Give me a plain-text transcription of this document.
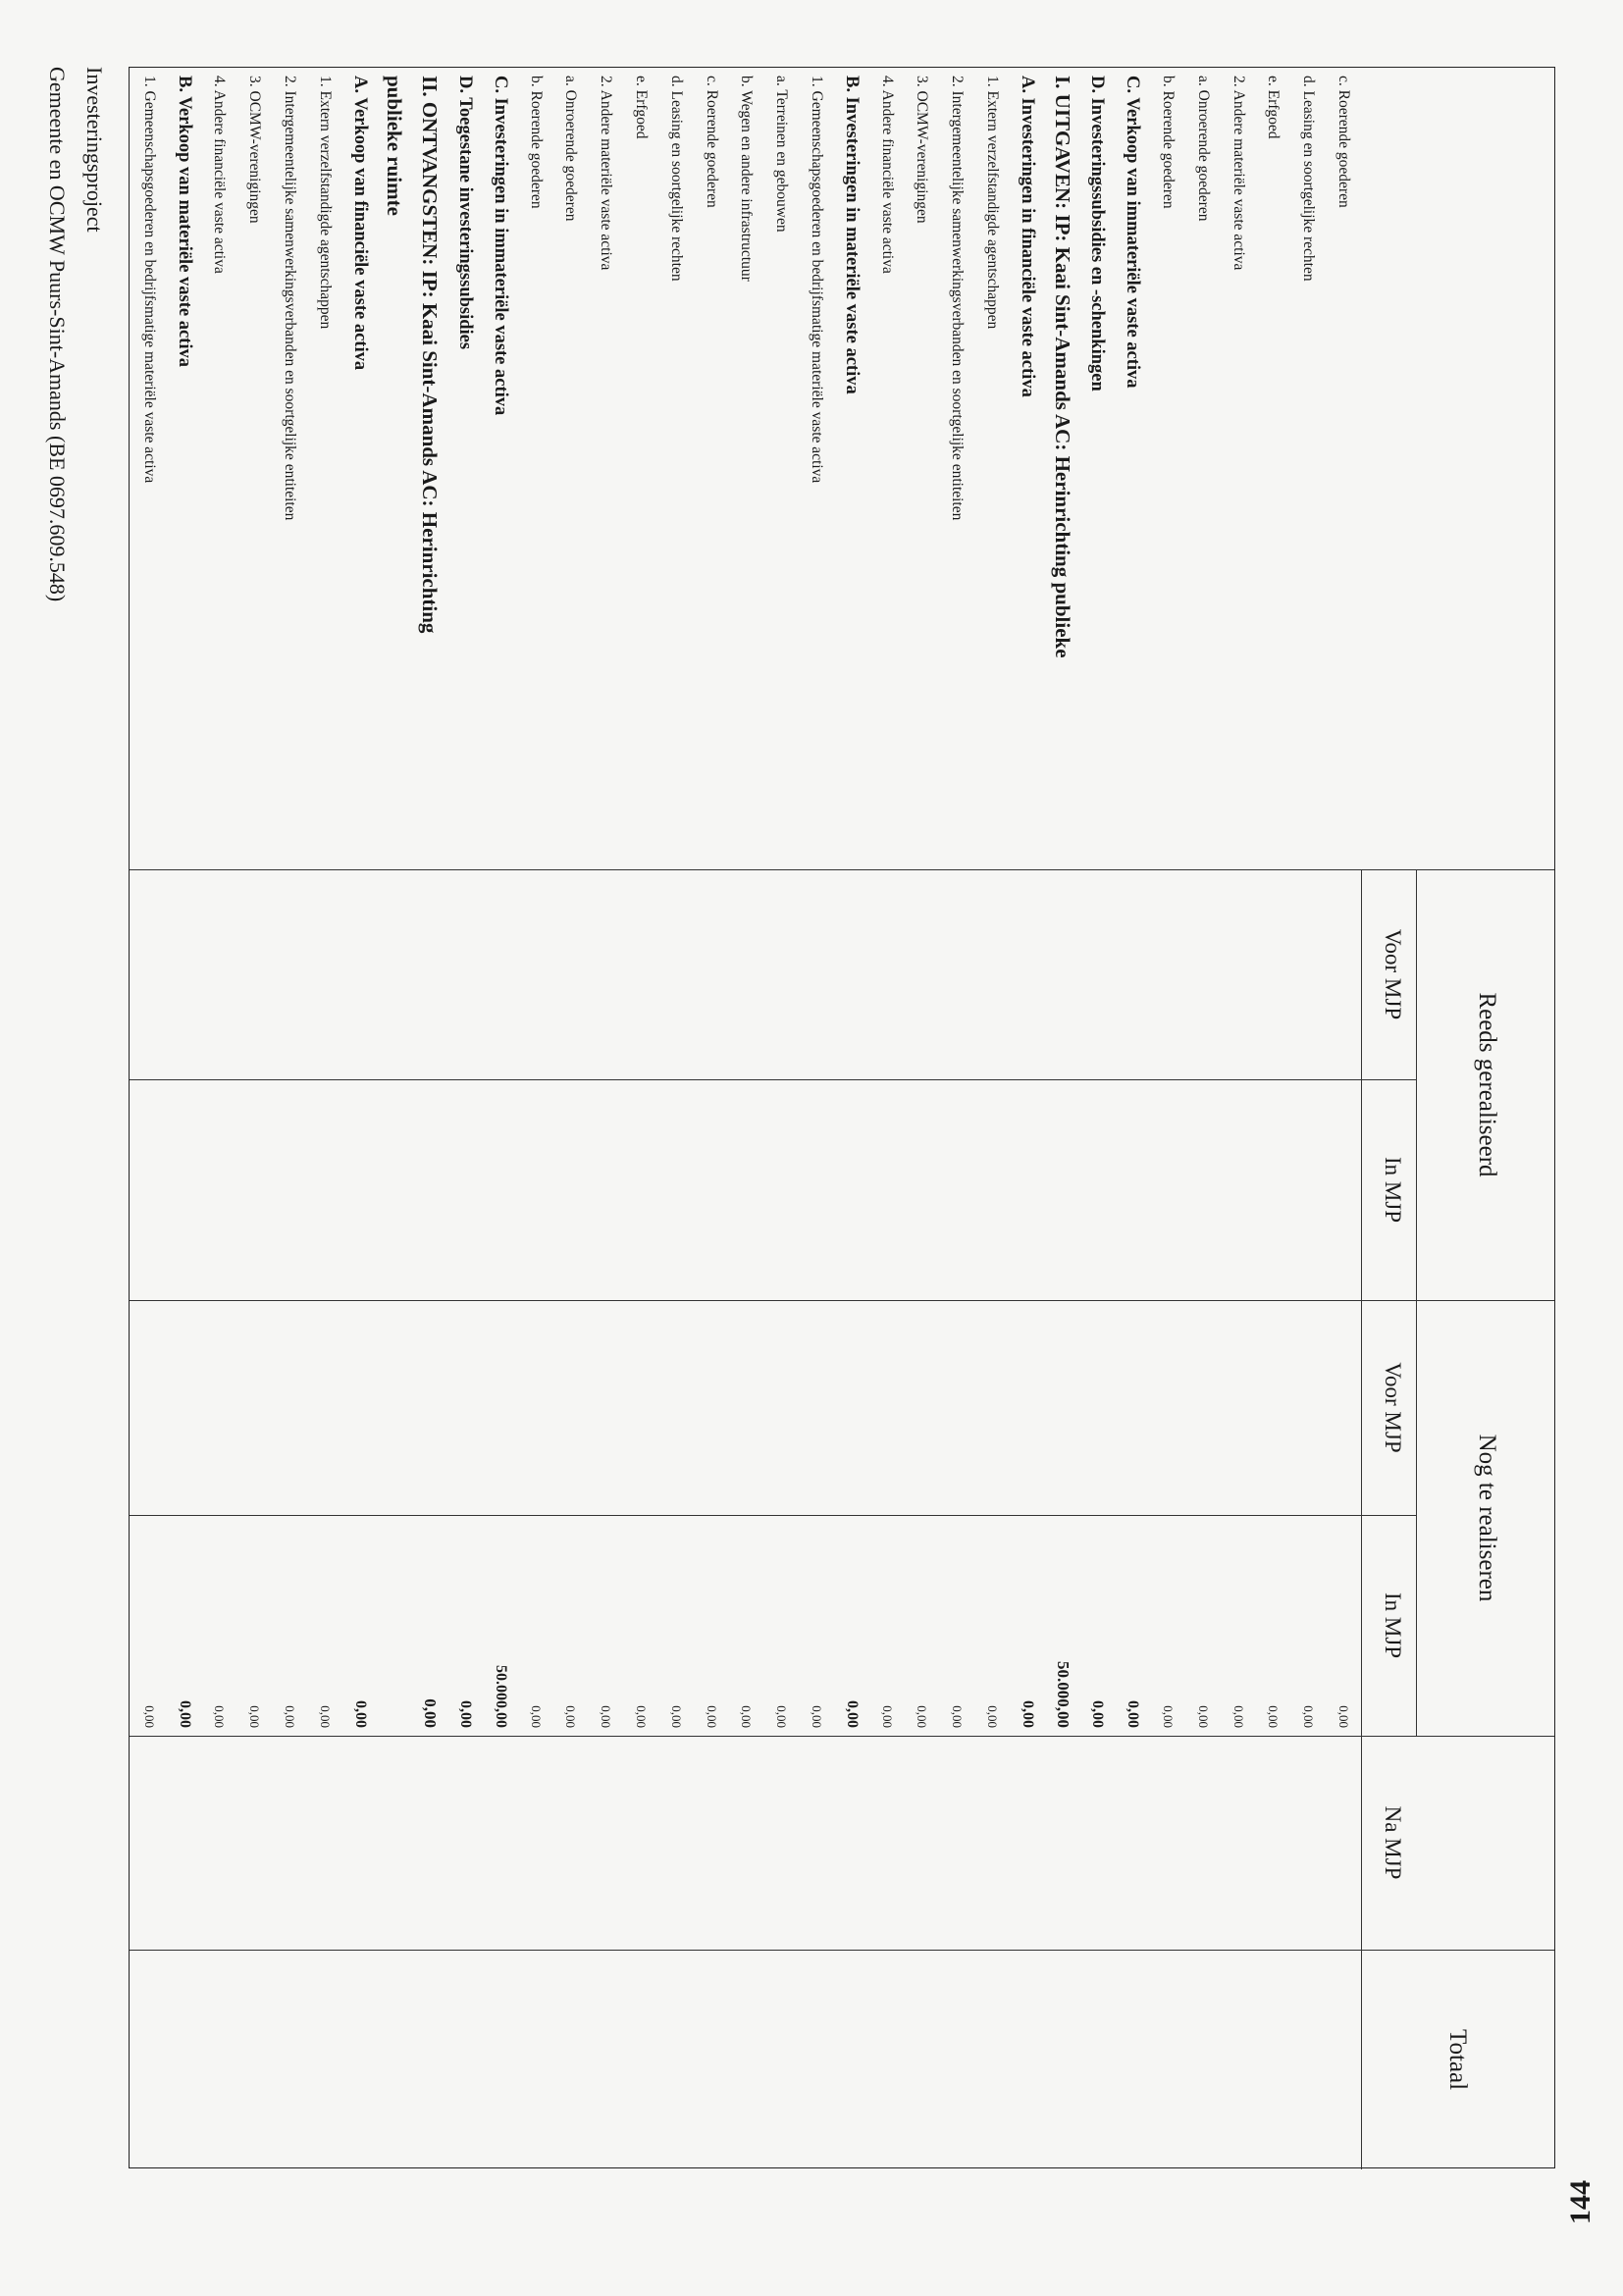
Reeds gerealiseerd
Nog te realiseren
Totaal
Voor MJP
In MJP
Voor MJP
In MJP
Na MJP
c. Roerende goederen
0,00
d. Leasing en soortgelijke rechten
0,00
e. Erfgoed
0,00
2. Andere materiële vaste activa
0,00
a. Onroerende goederen
0,00
b. Roerende goederen
0,00
C. Verkoop van immateriële vaste activa
0,00
D. Investeringssubsidies en -schenkingen
0,00
I. UITGAVEN: IP: Kaai Sint-Amands AC: Herinrichting publieke
50.000,00
A. Investeringen in financiële vaste activa
0,00
1. Extern verzelfstandigde agentschappen
0,00
2. Intergemeentelijke samenwerkingsverbanden en soortgelijke entiteiten
0,00
3. OCMW-verenigingen
0,00
4. Andere financiële vaste activa
0,00
B. Investeringen in materiële vaste activa
0,00
1. Gemeenschapsgoederen en bedrijfsmatige materiële vaste activa
0,00
a. Terreinen en gebouwen
0,00
b. Wegen en andere infrastructuur
0,00
c. Roerende goederen
0,00
d. Leasing en soortgelijke rechten
0,00
e. Erfgoed
0,00
2. Andere materiële vaste activa
0,00
a. Onroerende goederen
0,00
b. Roerende goederen
0,00
C. Investeringen in immateriële vaste activa
50.000,00
D. Toegestane investeringssubsidies
0,00
II. ONTVANGSTEN: IP: Kaai Sint-Amands AC: Herinrichting
0,00
publieke ruimte
A. Verkoop van financiële vaste activa
0,00
1. Extern verzelfstandigde agentschappen
0,00
2. Intergemeentelijke samenwerkingsverbanden en soortgelijke entiteiten
0,00
3. OCMW-verenigingen
0,00
4. Andere financiële vaste activa
0,00
B. Verkoop van materiële vaste activa
0,00
1. Gemeenschapsgoederen en bedrijfsmatige materiële vaste activa
0,00
Investeringsproject
Gemeente en OCMW Puurs-Sint-Amands (BE 0697.609.548)
144
